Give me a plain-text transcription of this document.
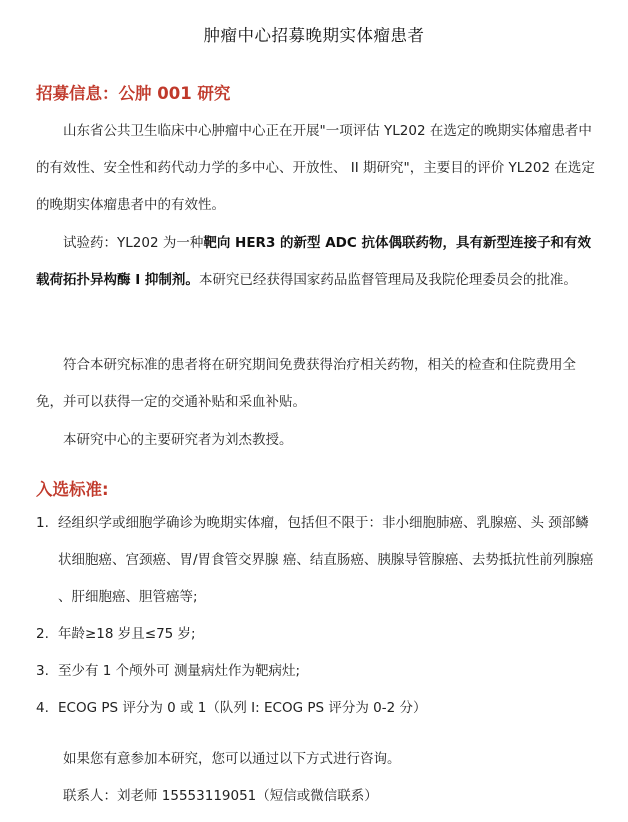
肿瘤中心招募晚期实体瘤患者
招募信息：公肿 001 研究

山东省公共卫生临床中心肿瘤中心正在开展"一项评估 YL202 在选定的晚期实体瘤患者中的有效性、安全性和药代动力学的多中心、开放性、 II 期研究"，主要目的评价 YL202 在选定的晚期实体瘤患者中的有效性。

试验药：YL202 为一种靶向 HER3 的新型 ADC 抗体偶联药物，具有新型连接子和有效载荷拓扑异构酶 I 抑制剂。本研究已经获得国家药品监督管理局及我院伦理委员会的批准。

符合本研究标准的患者将在研究期间免费获得治疗相关药物，相关的检查和住院费用全免，并可以获得一定的交通补贴和采血补贴。

本研究中心的主要研究者为刘杰教授。

入选标准:
1. 经组织学或细胞学确诊为晚期实体瘤，包括但不限于：非小细胞肺癌、乳腺癌、头 颈部鳞状细胞癌、宫颈癌、胃/胃食管交界腺 癌、结直肠癌、胰腺导管腺癌、去势抵抗性前列腺癌 、肝细胞癌、胆管癌等;
2. 年龄≥18 岁且≤75 岁;
3. 至少有 1 个颅外可 测量病灶作为靶病灶;
4. ECOG PS 评分为 0 或 1（队列 I: ECOG PS 评分为 0-2 分）

如果您有意参加本研究，您可以通过以下方式进行咨询。

联系人：刘老师 15553119051（短信或微信联系）
